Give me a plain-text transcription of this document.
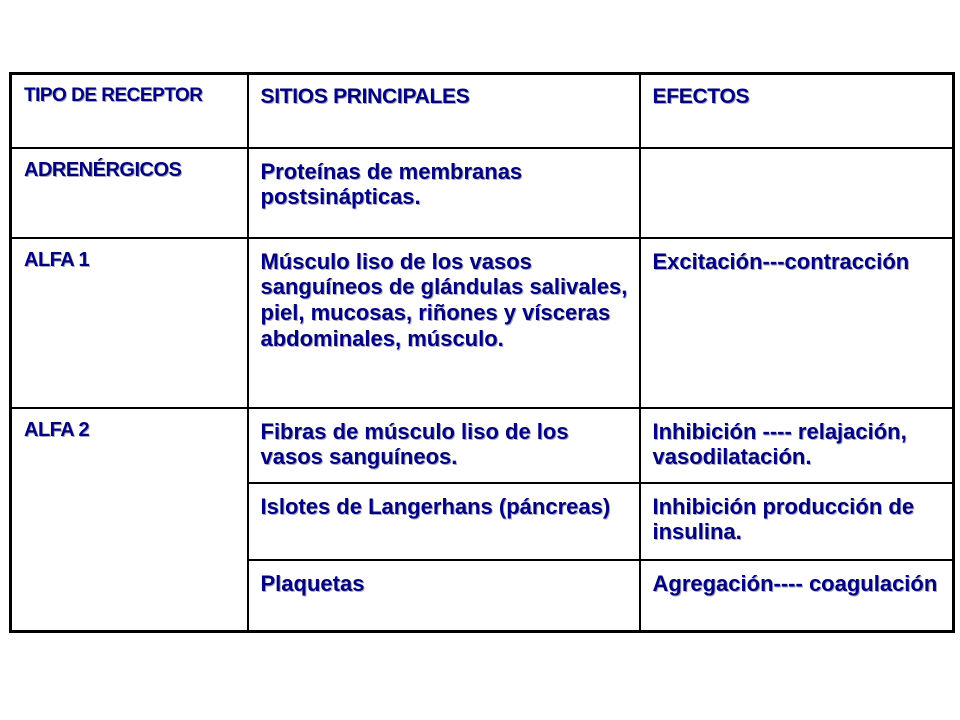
TIPO DE RECEPTOR	SITIOS PRINCIPALES	EFECTOS
ADRENÉRGICOS	Proteínas de membranas postsinápticas.	
ALFA 1	Músculo liso de los vasos sanguíneos de glándulas salivales, piel, mucosas, riñones y vísceras abdominales, músculo.	Excitación---contracción
ALFA 2	Fibras de músculo liso de los vasos sanguíneos.	Inhibición ---- relajación, vasodilatación.
	Islotes de Langerhans (páncreas)	Inhibición producción de insulina.
	Plaquetas	Agregación---- coagulación
